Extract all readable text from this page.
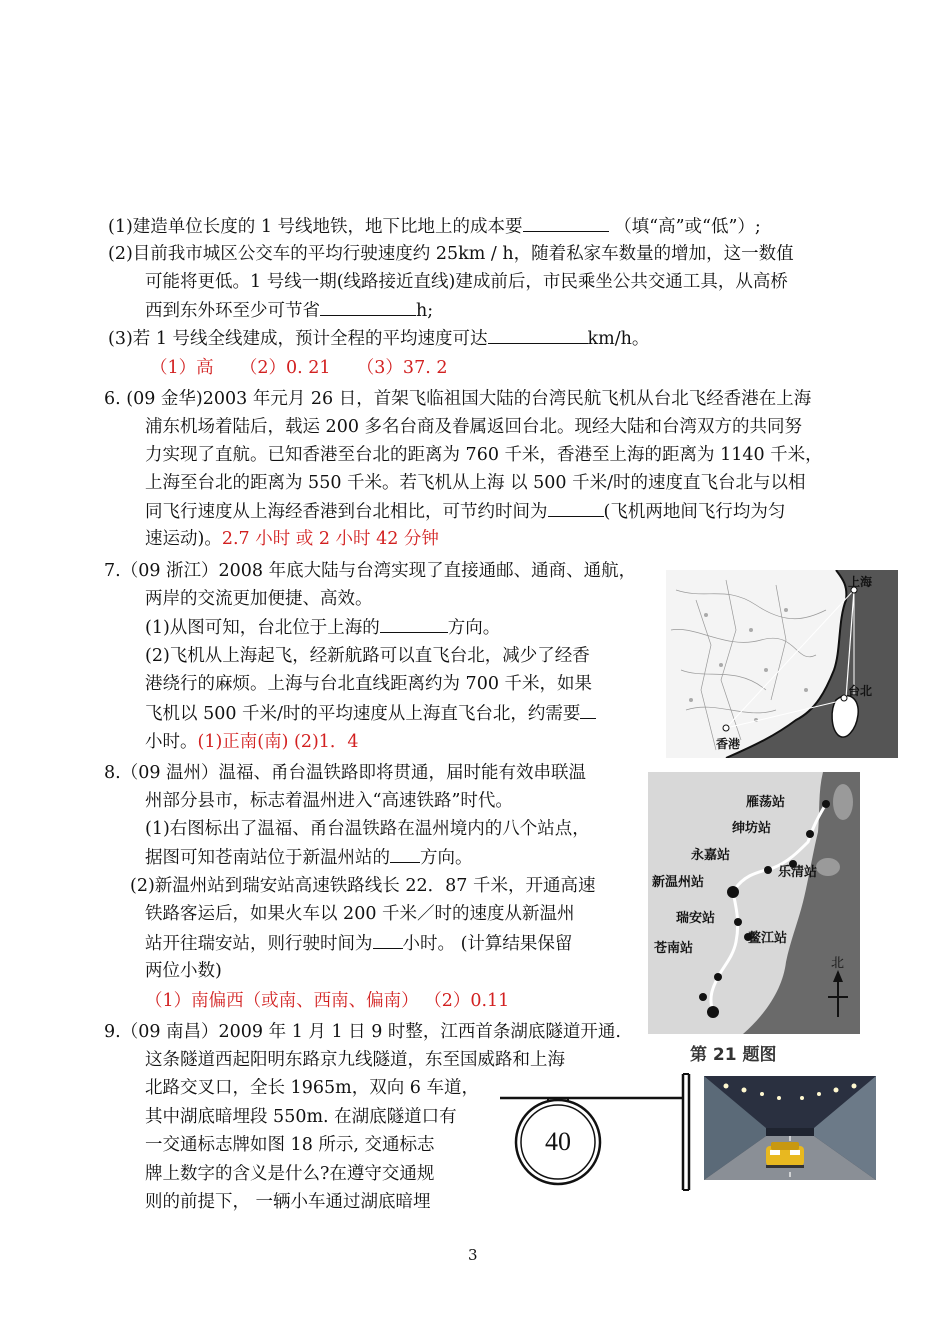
(1)建造单位长度的 1 号线地铁，地下比地上的成本要	（填“高”或“低”）;
(2)目前我市城区公交车的平均行驶速度约 25km / h，随着私家车数量的增加，这一数值
可能将更低。1 号线一期(线路接近直线)建成前后，市民乘坐公共交通工具，从高桥
西到东外环至少可节省	h;
(3)若 1 号线全线建成，预计全程的平均速度可达	km/h。
（1）高　　（2）0. 21　　（3）37. 2
6. (09 金华)2003 年元月 26 日，首架飞临祖国大陆的台湾民航飞机从台北飞经香港在上海
浦东机场着陆后，载运 200 多名台商及眷属返回台北。现经大陆和台湾双方的共同努
力实现了直航。已知香港至台北的距离为 760 千米，香港至上海的距离为 1140 千米，
上海至台北的距离为 550 千米。若飞机从上海 以 500 千米/时的速度直飞台北与以相
同飞行速度从上海经香港到台北相比，可节约时间为	(飞机两地间飞行均为匀
速运动)。2.7 小时 或 2 小时 42 分钟
7.（09 浙江）2008 年底大陆与台湾实现了直接通邮、通商、通航，
两岸的交流更加便捷、高效。
(1)从图可知，台北位于上海的	方向。
(2)飞机从上海起飞，经新航路可以直飞台北，减少了经香
港绕行的麻烦。上海与台北直线距离约为 700 千米，如果
飞机以 500 千米/时的平均速度从上海直飞台北，约需要
小时。(1)正南(南) (2)1．4
上海
台北
香港
8.（09 温州）温福、甬台温铁路即将贯通，届时能有效串联温
州部分县市，标志着温州进入“高速铁路”时代。
(1)右图标出了温福、甬台温铁路在温州境内的八个站点，
据图可知苍南站位于新温州站的 方向。
(2)新温州站到瑞安站高速铁路线长 22．87 千米，开通高速
铁路客运后，如果火车以 200 千米／时的速度从新温州
站开往瑞安站，则行驶时间为 小时。 (计算结果保留
两位小数)
（1）南偏西（或南、西南、偏南） （2）0.11
雁荡站
绅坊站
永嘉站
乐清站
新温州站
瑞安站
鳌江站
苍南站
北
第 21 题图
9.（09 南昌）2009 年 1 月 1 日 9 时整，江西首条湖底隧道开通.
这条隧道西起阳明东路京九线隧道，东至国威路和上海
北路交叉口，全长 1965m，双向 6 车道，
其中湖底暗埋段 550m. 在湖底隧道口有
一交通标志牌如图 18 所示, 交通标志
牌上数字的含义是什么?在遵守交通规
则的前提下， 一辆小车通过湖底暗埋
40
3
